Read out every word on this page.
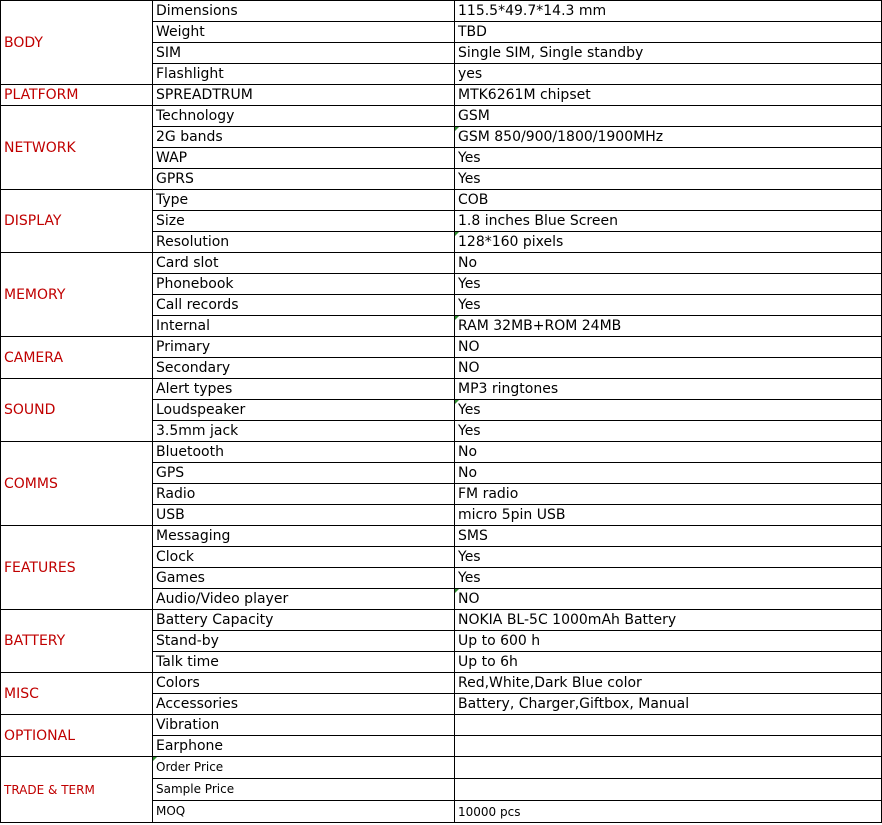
BODY	Dimensions	115.5*49.7*14.3 mm
	Weight	TBD
	SIM	Single SIM, Single standby
	Flashlight	yes
PLATFORM	SPREADTRUM	MTK6261M chipset
NETWORK	Technology	GSM
	2G bands	GSM 850/900/1800/1900MHz
	WAP	Yes
	GPRS	Yes
DISPLAY	Type	COB
	Size	1.8 inches Blue Screen
	Resolution	128*160 pixels
MEMORY	Card slot	No
	Phonebook	Yes
	Call records	Yes
	Internal	RAM 32MB+ROM 24MB
CAMERA	Primary	NO
	Secondary	NO
SOUND	Alert types	MP3 ringtones
	Loudspeaker	Yes
	3.5mm jack	Yes
COMMS	Bluetooth	No
	GPS	No
	Radio	FM radio
	USB	micro 5pin USB
FEATURES	Messaging	SMS
	Clock	Yes
	Games	Yes
	Audio/Video player	NO
BATTERY	Battery Capacity	NOKIA BL-5C 1000mAh Battery
	Stand-by	Up to 600 h
	Talk time	Up to 6h
MISC	Colors	Red,White,Dark Blue color
	Accessories	Battery, Charger,Giftbox, Manual
OPTIONAL	Vibration	
	Earphone	
TRADE & TERM	Order Price	
	Sample Price	
	MOQ	10000 pcs
